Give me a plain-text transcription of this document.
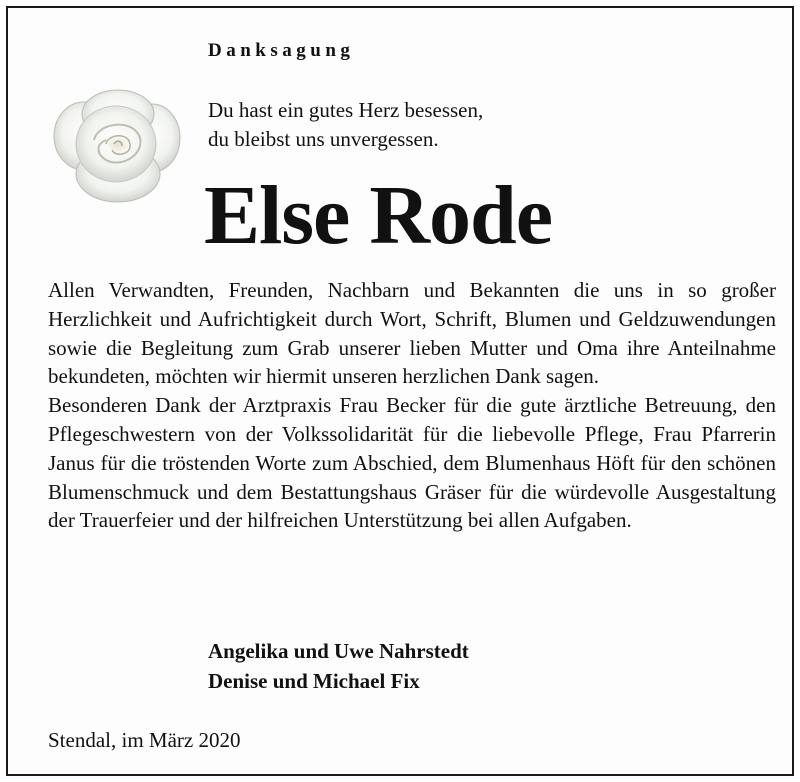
Danksagung
Du hast ein gutes Herz besessen,
du bleibst uns unvergessen.
Else Rode

Allen Verwandten, Freunden, Nachbarn und Bekannten die uns in so großer Herzlichkeit und Aufrichtigkeit durch Wort, Schrift, Blumen und Geldzuwendungen sowie die Begleitung zum Grab unserer lieben Mutter und Oma ihre Anteilnahme bekundeten, möchten wir hiermit unseren herzlichen Dank sagen.

Besonderen Dank der Arztpraxis Frau Becker für die gute ärztliche Betreuung, den Pflegeschwestern von der Volkssolidarität für die liebevolle Pflege, Frau Pfarrerin Janus für die tröstenden Worte zum Abschied, dem Blumenhaus Höft für den schönen Blumenschmuck und dem Bestattungshaus Gräser für die würdevolle Ausgestaltung der Trauerfeier und der hilfreichen Unterstützung bei allen Aufgaben.

Angelika und Uwe Nahrstedt
Denise und Michael Fix
Stendal, im März 2020
